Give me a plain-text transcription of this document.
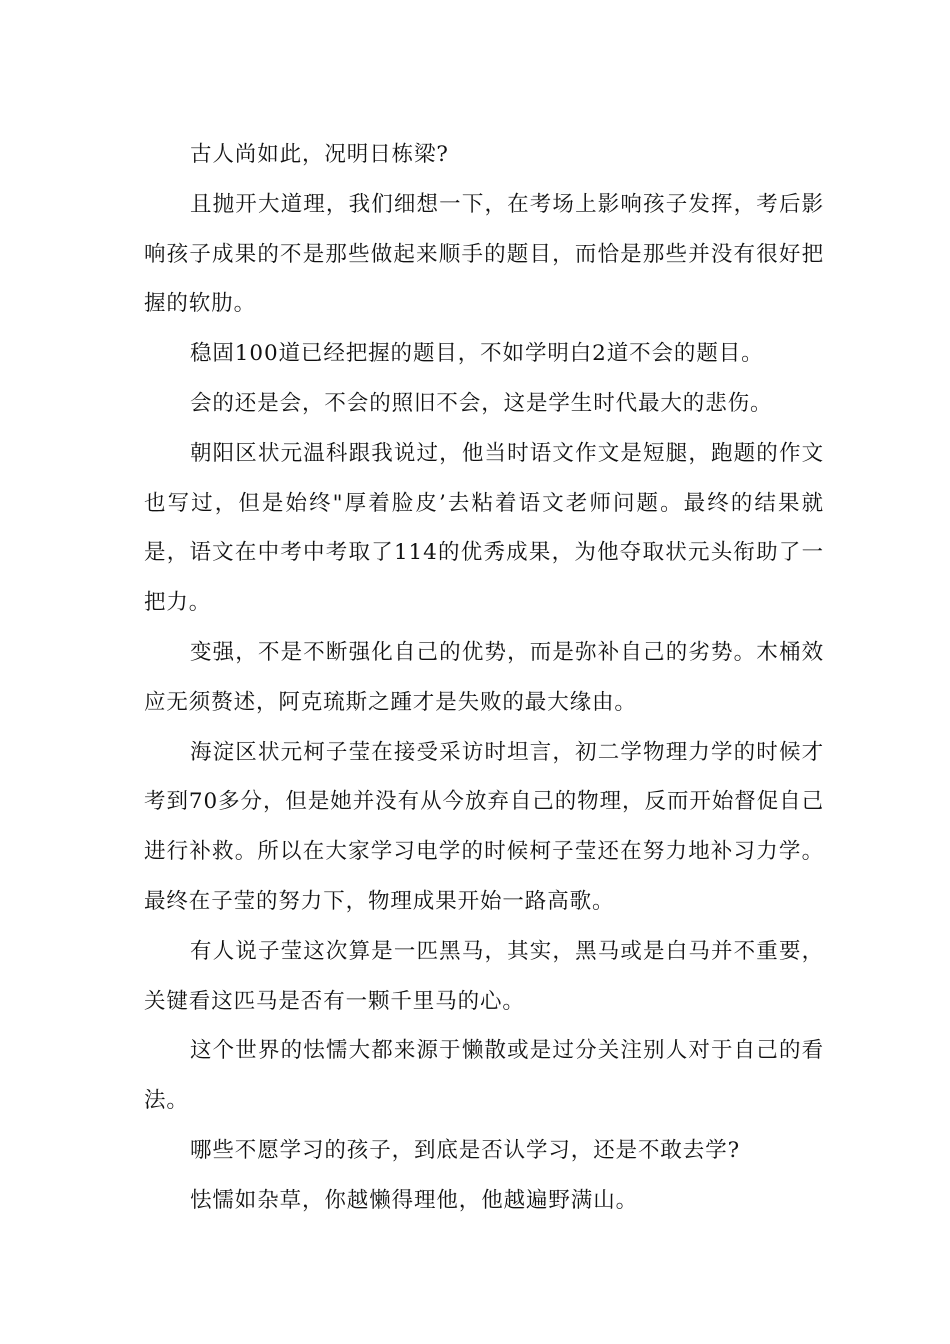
古人尚如此，况明日栋梁?

且抛开大道理，我们细想一下，在考场上影响孩子发挥，考后影响孩子成果的不是那些做起来顺手的题目，而恰是那些并没有很好把握的软肋。

稳固100道已经把握的题目，不如学明白2道不会的题目。

会的还是会，不会的照旧不会，这是学生时代最大的悲伤。

朝阳区状元温科跟我说过，他当时语文作文是短腿，跑题的作文也写过，但是始终"厚着脸皮’去粘着语文老师问题。最终的结果就是，语文在中考中考取了114的优秀成果，为他夺取状元头衔助了一把力。

变强，不是不断强化自己的优势，而是弥补自己的劣势。木桶效应无须赘述，阿克琉斯之踵才是失败的最大缘由。

海淀区状元柯子莹在接受采访时坦言，初二学物理力学的时候才考到70多分，但是她并没有从今放弃自己的物理，反而开始督促自己进行补救。所以在大家学习电学的时候柯子莹还在努力地补习力学。最终在子莹的努力下，物理成果开始一路高歌。

有人说子莹这次算是一匹黑马，其实，黑马或是白马并不重要，关键看这匹马是否有一颗千里马的心。

这个世界的怯懦大都来源于懒散或是过分关注别人对于自己的看法。

哪些不愿学习的孩子，到底是否认学习，还是不敢去学?

怯懦如杂草，你越懒得理他，他越遍野满山。
